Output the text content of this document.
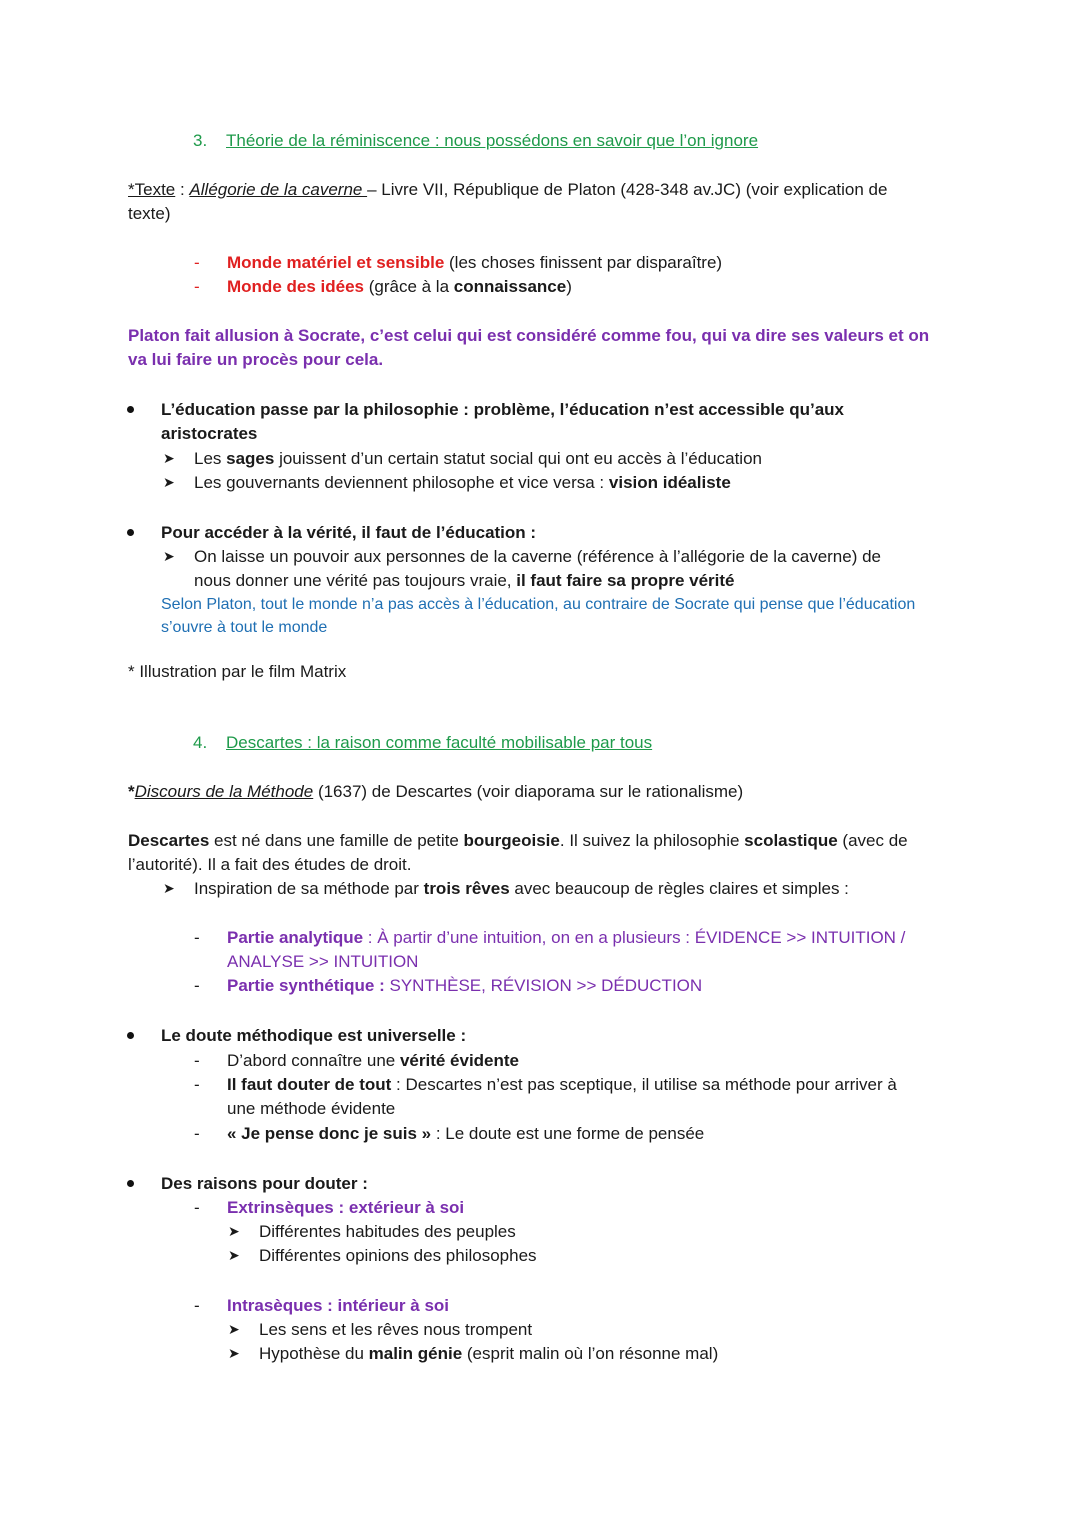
3. Théorie de la réminiscence : nous possédons en savoir que l’on ignore
*Texte : Allégorie de la caverne – Livre VII, République de Platon (428-348 av.JC) (voir explication de
texte)
- Monde matériel et sensible (les choses finissent par disparaître)
- Monde des idées (grâce à la connaissance)
Platon fait allusion à Socrate, c’est celui qui est considéré comme fou, qui va dire ses valeurs et on
va lui faire un procès pour cela.
L’éducation passe par la philosophie : problème, l’éducation n’est accessible qu’aux
aristocrates
➤ Les sages jouissent d’un certain statut social qui ont eu accès à l’éducation
➤ Les gouvernants deviennent philosophe et vice versa : vision idéaliste
Pour accéder à la vérité, il faut de l’éducation :
➤ On laisse un pouvoir aux personnes de la caverne (référence à l’allégorie de la caverne) de
nous donner une vérité pas toujours vraie, il faut faire sa propre vérité
Selon Platon, tout le monde n’a pas accès à l’éducation, au contraire de Socrate qui pense que l’éducation
s’ouvre à tout le monde
* Illustration par le film Matrix
4. Descartes : la raison comme faculté mobilisable par tous
*Discours de la Méthode (1637) de Descartes (voir diaporama sur le rationalisme)
Descartes est né dans une famille de petite bourgeoisie. Il suivez la philosophie scolastique (avec de
l’autorité). Il a fait des études de droit.
➤ Inspiration de sa méthode par trois rêves avec beaucoup de règles claires et simples :
- Partie analytique : À partir d’une intuition, on en a plusieurs : ÉVIDENCE >> INTUITION /
ANALYSE >> INTUITION
- Partie synthétique : SYNTHÈSE, RÉVISION >> DÉDUCTION
Le doute méthodique est universelle :
- D’abord connaître une vérité évidente
- Il faut douter de tout : Descartes n’est pas sceptique, il utilise sa méthode pour arriver à
une méthode évidente
- « Je pense donc je suis » : Le doute est une forme de pensée
Des raisons pour douter :
- Extrinsèques : extérieur à soi
➤ Différentes habitudes des peuples
➤ Différentes opinions des philosophes
- Intrasèques : intérieur à soi
➤ Les sens et les rêves nous trompent
➤ Hypothèse du malin génie (esprit malin où l’on résonne mal)
